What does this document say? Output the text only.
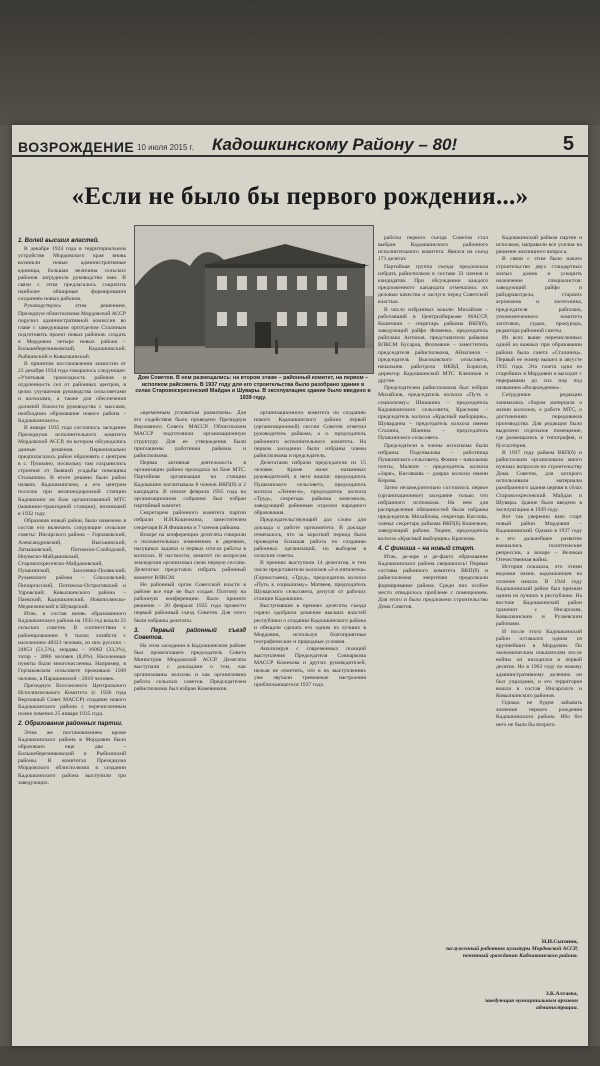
ВОЗРОЖДЕНИЕ 10 июля 2015 г. Кадошкинскому Району – 80!	5
«Если не было бы первого рождения...»
1. Волей высших властей.

В декабре 1924 года в территориальном устройстве Мордовского края вновь возникли новые административные единицы, большая величина сельских районов затруднила руководство ими. В связи с этим предлагалось сократить наиболее обширные формирования созданием новых районов.

Руководствуясь этим решением, Президиум облисполкома Мордовской АССР поручил административной комиссии во главе с заведующим орготделом Сталиным подготовить проект новых районов: создать в Мордовии четыре новых района – Большеберезниковский, Кадошкинский, Рыбкинский и Ковылкинский.

В принятом постановлении комиссии от 23 декабря 1934 года говорилось следующее: «Учитывая громоздкость районов и отдаленность сел от районных центров, в целях улучшения руководства сельсоветами и колхозами, а также для обеспечения должной близости руководства с массами, необходимо образование нового района – Кадошкинского».

В январе 1935 года состоялось заседание Президиума исполнительного комитета Мордовской АССР, на котором обсуждались данные решения. Первоначально предполагалось район образовать с центром в с. Пушкино, поскольку там сохранились строения от бывшей усадьбы помещика Столыпина. В итоге решено было район назвать Кадошкинским, а его центром поселок при железнодорожной станции Кадошкино на базе организованной МТС (машинно-тракторной станции), возникшей в 1932 году.

Образовав новый район, было намечено в состав его включить следующие сельские советы: Инсарского района – Горчаковский, Александровский, Высокинский, Латышовский, Потижско-Слободской, Инувеско-Майдановский, Старовоскресенско-Майдановский, Пушкинский, Заселенко-Полянский; Рузаевского района – Соколовский; Пичиргасский, Потижско-Остроговский и Удровский; Ковылкинского района – Паевский, Кадошкинский, Новополянско-Медвежинский и Шуварский.

Итак, в состав вновь образованного Кадошкинского района на 1935 год вошли 25 сельских советов. В соответствии с районированием 9 тысяч хозяйств с населением 48321 человек, из них русских – 24853 (51,5%), мордвы – 16062 (33,3%), татар – 3886 человек (8,0%). Населенные пункты были многочисленны. Например, в Горчаковском сельсовете проживало 1500 человек, в Парашинской – 2010 человек.

Президиум Всесоюзного Центрального Исполнительного Комитета (с 1936 года Верховный Совет МАССР) создание нового Кадошкинского района с перечисленным позже изменил 25 января 1935 года.

2. Образование районных партии.

Этим же постановлением кроме Кадошкинского района в Мордовии было образовано еще два – Большеберезниковский и Рыбкинский районы. В комитетах Президиума Мордовского облисполкома в создании Кадошкинского района выступили три заведующих.

Дом Советов. В нем размещались: на втором этаже – районный комитет, на первом – исполком райсовета. В 1937 году для его строительства было разобрано здание в селах Старовоскресенский Майдан и Шувары. В эксплуатацию здание было введено в 1939 году.

«временным угловатым развитием». Для его содействия было проведено Президиум Верховного Совета МАССР. Облисполком МАССР подготовили организационную структуру. Для ее утверждения были приглашены работники райкома и райисполкома.

Первая активная деятельность в организации района проходила на базе МТС. Партийная организация на станции Кадошкино насчитывала 8 членов ВКП(б) и 2 кандидата. В начале февраля 1935 года на организационном собрании был избран партийный комитет.

Секретарем районного комитета партии избрали И.И.Кошелкина, заместителем секретаря В.Я.Фишкина и 7 членов райкома.

Вскоре на конференции делегаты говорили о положительных изменениях в деревнях, насущных задачах и первых итогах работы в колхозах. В частности, комитет по вопросам земледелия организовал свою первую сессию. Делегатам предстояло избрать районный комитет ВЛКСМ.

Но районный орган Советской власти в районе все еще не был создан. Поэтому на районную конференцию было принято решение – 20 февраля 1935 года провести первый районный съезд Советов. Для этого были избраны делегаты.

3. Первый районный съезд Советов.

На этом заседании в Кадошкинском районе был провозглашен председатель Совета Министров Мордовской АССР. Делегаты выступали с докладами о том, как организованы колхозы и как организована работа сельских советов. Председателем райисполкома был избран Кожевников.

организационного комитета по созданию нового Кадошкинского района первой (организационной) сессии Советов отметил руководитель райкома, а о. председатель районного исполнительного комитета. На первом заседании были избраны члены райисполкома и председатель.

Делегатами избрали председателя из 15 человек. Кроме ниже названных руководителей, в него вошли: председатель Пушкинского сельсовета, председатель колхоза «Ленин-и», председатель колхоза «Труд», секретарь райкома комсомола, заведующий районным отделом народного образования.

Председательствующий дал слово для доклада о работе оргкомитета. В докладе отмечалось, что за короткий период была проведена большая работа по созданию районных организаций, по выборам в сельские советы.

В прениях выступили 14 делегатов, в том числе представители колхозов «2-я пятилетка» (Горностаево), «Труд», председатель колхоза «Путь к социализму» Матвеев, председатель Шуварского сельсовета, депутат от рабочих станции Кадошкино.

Выступавшие в прениях делегаты съезда горячо одобрили решение высших властей республики о создании Кадошкинского района и обещали сделать его одним из лучших в Мордовии, используя благоприятные географические и природные условия.

Анализируя с современных позиций выступления Председателя Совнаркома МАССР Кожекова и других руководителей, нельзя не отметить, что в их выступлениях уже звучали тревожные настроения приближающегося 1937 года.

работы первого съезда Советов стал выбран Кадошкинского районного исполнительного комитета. Явился на съезд 171 делегат.

Партийная группа съезда предложила избрать райисполком в составе 33 членов и кандидатов. При обсуждении каждого предложенного кандидата отмечались их деловые качества и заслуги перед Советской властью.

В число избранных вошли: Михайлов – работавший в Центризбиркоме МАССР, Кошечкин – секретарь райкома ВКП(б), заведующий райфо Фоменко, председатель райплана Антонов, представители райкома ВЛКСМ Бусаров, Фоломкин – заместитель председателя райисполкома, Айзаганов – председатель Высоковского сельсовета, начальник райотдела НКВД Борисов, директор Кадошкинской МТС Клячиков и другие.

Председателем райисполкома был избран Михайлов, председатель колхоза «Путь к социализму» Шишкина – председатель Кадошкинского сельсовета, Краснова – председатель колхоза «Красный выборщик», Шувардина – председатель колхоза имени Сталина, Шанина – председатель Пушкинского сельсовета.

Председатели в члены исполкома были избраны: Подсевалова – работница Пушкинского сельсовета, Фомин – начальник почты, Малкин – председатель колхоза «Заря», Кислякова – доярка колхоза имени Кирова.

Затем незамедлительно состоялось первое (организационное) заседание только что избранного исполкома. На нем для распределения обязанностей были избраны председатель Михайлова, секретарь Кислова, члены: секретарь райкома ВКП(б) Кошечкин, заведующий районо Тюрин, председатель колхоза «Красный выборщик» Краснова.

4. С финиша – на новый старт.

Итак, де-юре и де-факто образование Кадошкинского района свершилось! Первые составы районного комитета ВКП(б) и райисполкома энергично продолжали формирование района. Среди них особое место отводилось проблеме с помещением. Для этого и было предложено строительство Дома Советов.

Кадошкинский райком партии и исполком, направили все усилия на решение жилищного вопроса.

В связи с этим было начато строительство двух стандартных жилых домов и ускорить назначение специалистов: заведующий райфо и райздравотдела, старших агрономов и зоотехника, председателя райплана, уполномоченного комитета заготовок, судью, прокурора, редактора районной газеты.

Из всех выше перечисленных одной из важных при образовании района была газета «Сталинец». Первый ее номер вышел в августе 1935 года. Эта газета одна из старейших в Мордовии и выходит с перерывами до сих пор под названием «Возрождение».

Сотрудники редакции занимались сбором материала о жизни колхозов, о работе МТС, о достижениях передовиков производства. Для редакции было выделено отдельное помещение, где размещались и типография, и бухгалтерия.

В 1937 году райком ВКП(б) и райисполком организовали много нужных вопросов по строительству Дома Советов, для которого использовали материалы разобранного здания церкви в сёлах Старовоскресенский Майдан и Шувары. Здание было введено в эксплуатацию в 1939 году.

Вот так уверенно взял старт новый район Мордовии – Кадошкинский. Однако в 1937 году в его дальнейшее развитие вмешались политические репрессии, а вскоре – Великая Отечественная война.

История показала, что этими ведомая жизнь кадошкинцев на отличие начало. В 1944 году Кадошкинский район был признан одним из лучших в республике. На востоке Кадошкинский район граничит с Инсарским, Ковылкинским и Рузаевским районами.

И после этого Кадошкинский район оставался одним из крупнейших в Мордовии. По экономическим показателям после войны он находился в первой десятке. Но в 1963 году по новому административному делению он был упразднен, и его территория вошла в состав Инсарского и Ковылкинского районов.

Однако не будем забывать значение первого рождения Кадошкинского района. Ибо без него не было бы второго.

Н.И.Сыгонин,
заслуженный работник культуры Мордовской АССР, почетный гражданин Кадошкинского района.
З.К.Алтаева,
заведующая муниципальным архивом администрации.
